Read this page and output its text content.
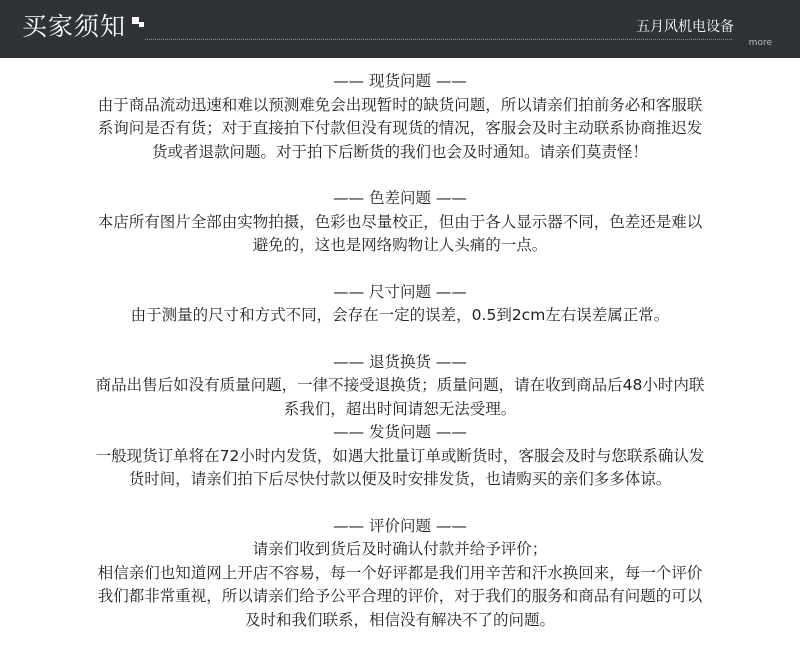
买家须知	五月风机电设备
more
—— 现货问题 ——

由于商品流动迅速和难以预测难免会出现暂时的缺货问题，所以请亲们拍前务必和客服联

系询问是否有货；对于直接拍下付款但没有现货的情况，客服会及时主动联系协商推迟发

货或者退款问题。对于拍下后断货的我们也会及时通知。请亲们莫责怪！

—— 色差问题 ——

本店所有图片全部由实物拍摄，色彩也尽量校正，但由于各人显示器不同，色差还是难以

避免的，这也是网络购物让人头痛的一点。

—— 尺寸问题 ——

由于测量的尺寸和方式不同，会存在一定的误差，0.5到2cm左右误差属正常。

—— 退货换货 ——

商品出售后如没有质量问题，一律不接受退换货；质量问题，请在收到商品后48小时内联

系我们，超出时间请恕无法受理。

—— 发货问题 ——

一般现货订单将在72小时内发货，如遇大批量订单或断货时，客服会及时与您联系确认发

货时间，请亲们拍下后尽快付款以便及时安排发货，也请购买的亲们多多体谅。

—— 评价问题 ——

请亲们收到货后及时确认付款并给予评价；

相信亲们也知道网上开店不容易，每一个好评都是我们用辛苦和汗水换回来，每一个评价

我们都非常重视，所以请亲们给予公平合理的评价，对于我们的服务和商品有问题的可以

及时和我们联系，相信没有解决不了的问题。
